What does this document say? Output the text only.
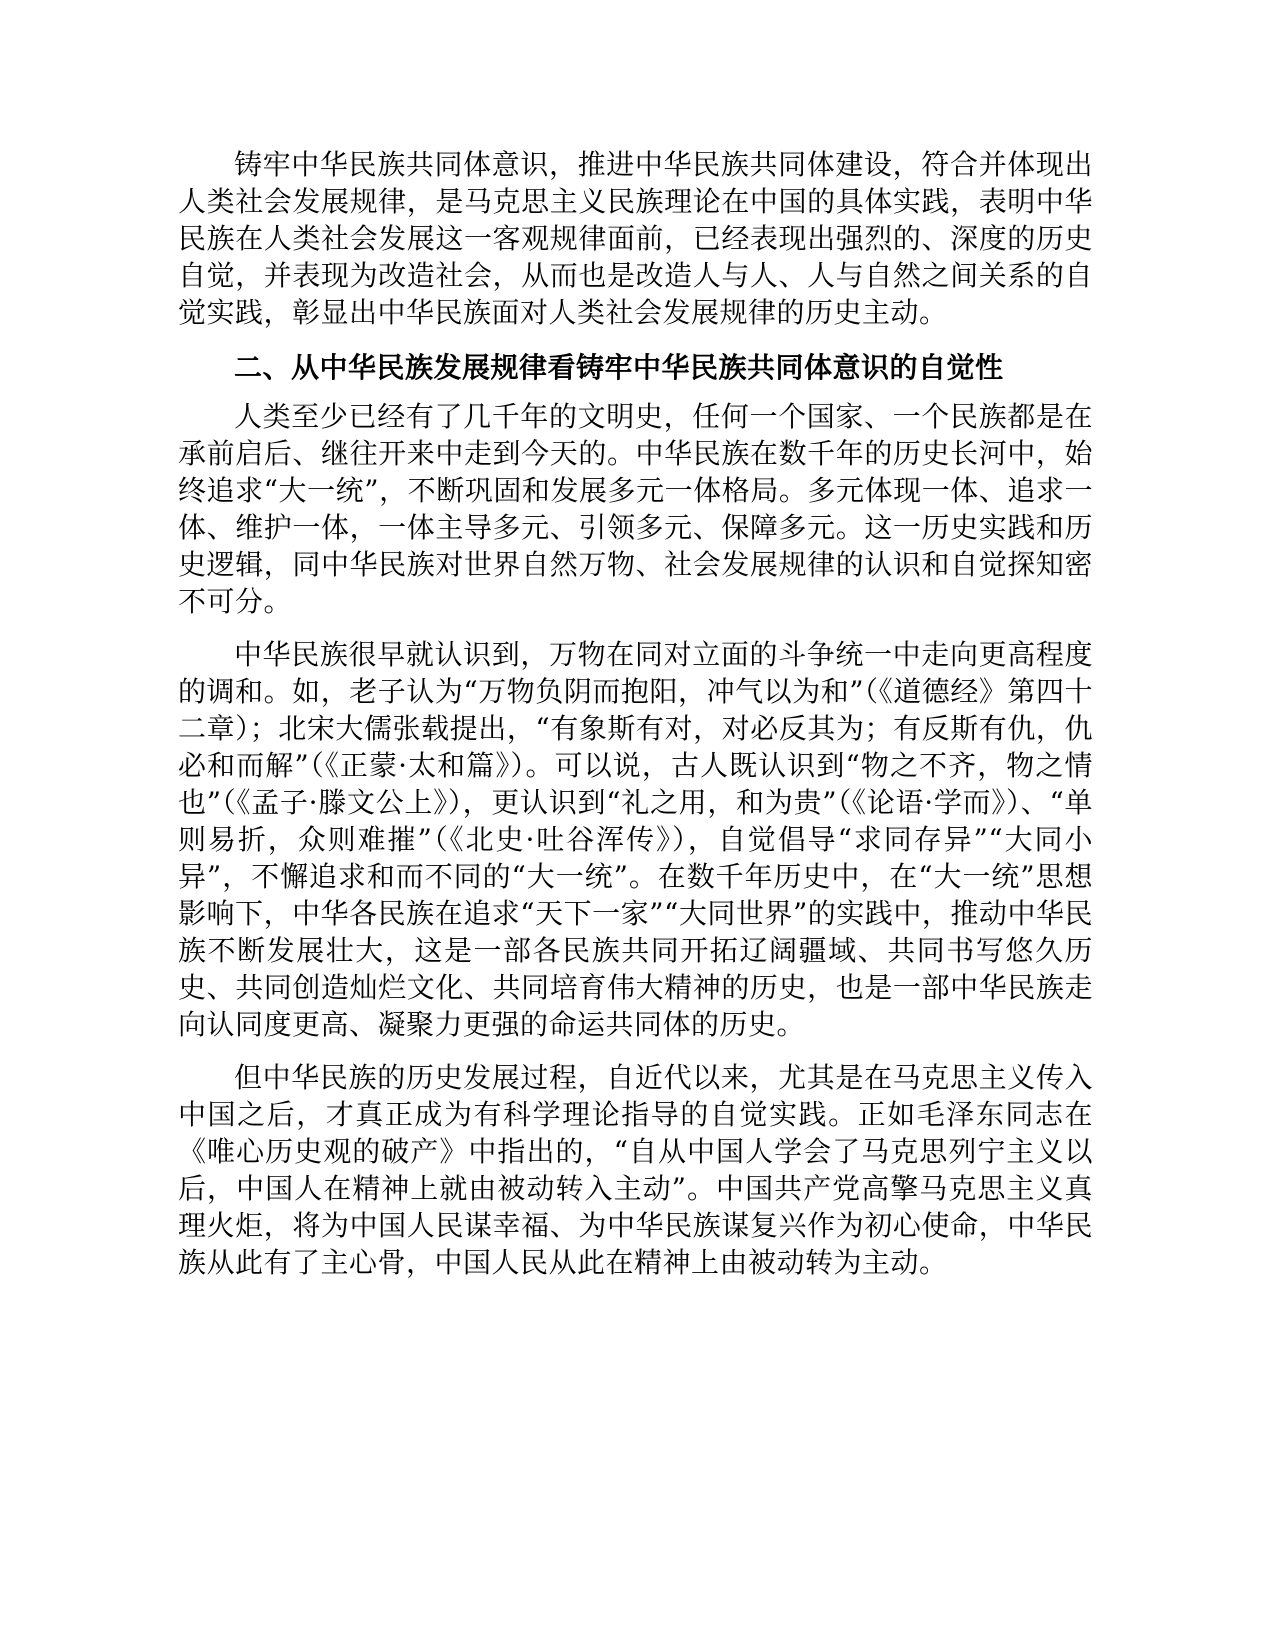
铸牢中华民族共同体意识，推进中华民族共同体建设，符合并体现出人类社会发展规律，是马克思主义民族理论在中国的具体实践，表明中华民族在人类社会发展这一客观规律面前，已经表现出强烈的、深度的历史自觉，并表现为改造社会，从而也是改造人与人、人与自然之间关系的自觉实践，彰显出中华民族面对人类社会发展规律的历史主动。

二、从中华民族发展规律看铸牢中华民族共同体意识的自觉性

人类至少已经有了几千年的文明史，任何一个国家、一个民族都是在承前启后、继往开来中走到今天的。中华民族在数千年的历史长河中，始终追求“大一统”，不断巩固和发展多元一体格局。多元体现一体、追求一体、维护一体，一体主导多元、引领多元、保障多元。这一历史实践和历史逻辑，同中华民族对世界自然万物、社会发展规律的认识和自觉探知密不可分。

中华民族很早就认识到，万物在同对立面的斗争统一中走向更高程度的调和。如，老子认为“万物负阴而抱阳，冲气以为和”（《道德经》第四十二章）；北宋大儒张载提出，“有象斯有对，对必反其为；有反斯有仇，仇必和而解”（《正蒙·太和篇》）。可以说，古人既认识到“物之不齐，物之情也”（《孟子·滕文公上》），更认识到“礼之用，和为贵”（《论语·学而》）、“单则易折，众则难摧”（《北史·吐谷浑传》），自觉倡导“求同存异”“大同小异”，不懈追求和而不同的“大一统”。在数千年历史中，在“大一统”思想影响下，中华各民族在追求“天下一家”“大同世界”的实践中，推动中华民族不断发展壮大，这是一部各民族共同开拓辽阔疆域、共同书写悠久历史、共同创造灿烂文化、共同培育伟大精神的历史，也是一部中华民族走向认同度更高、凝聚力更强的命运共同体的历史。

但中华民族的历史发展过程，自近代以来，尤其是在马克思主义传入中国之后，才真正成为有科学理论指导的自觉实践。正如毛泽东同志在《唯心历史观的破产》中指出的，“自从中国人学会了马克思列宁主义以后，中国人在精神上就由被动转入主动”。中国共产党高擎马克思主义真理火炬，将为中国人民谋幸福、为中华民族谋复兴作为初心使命，中华民族从此有了主心骨，中国人民从此在精神上由被动转为主动。
